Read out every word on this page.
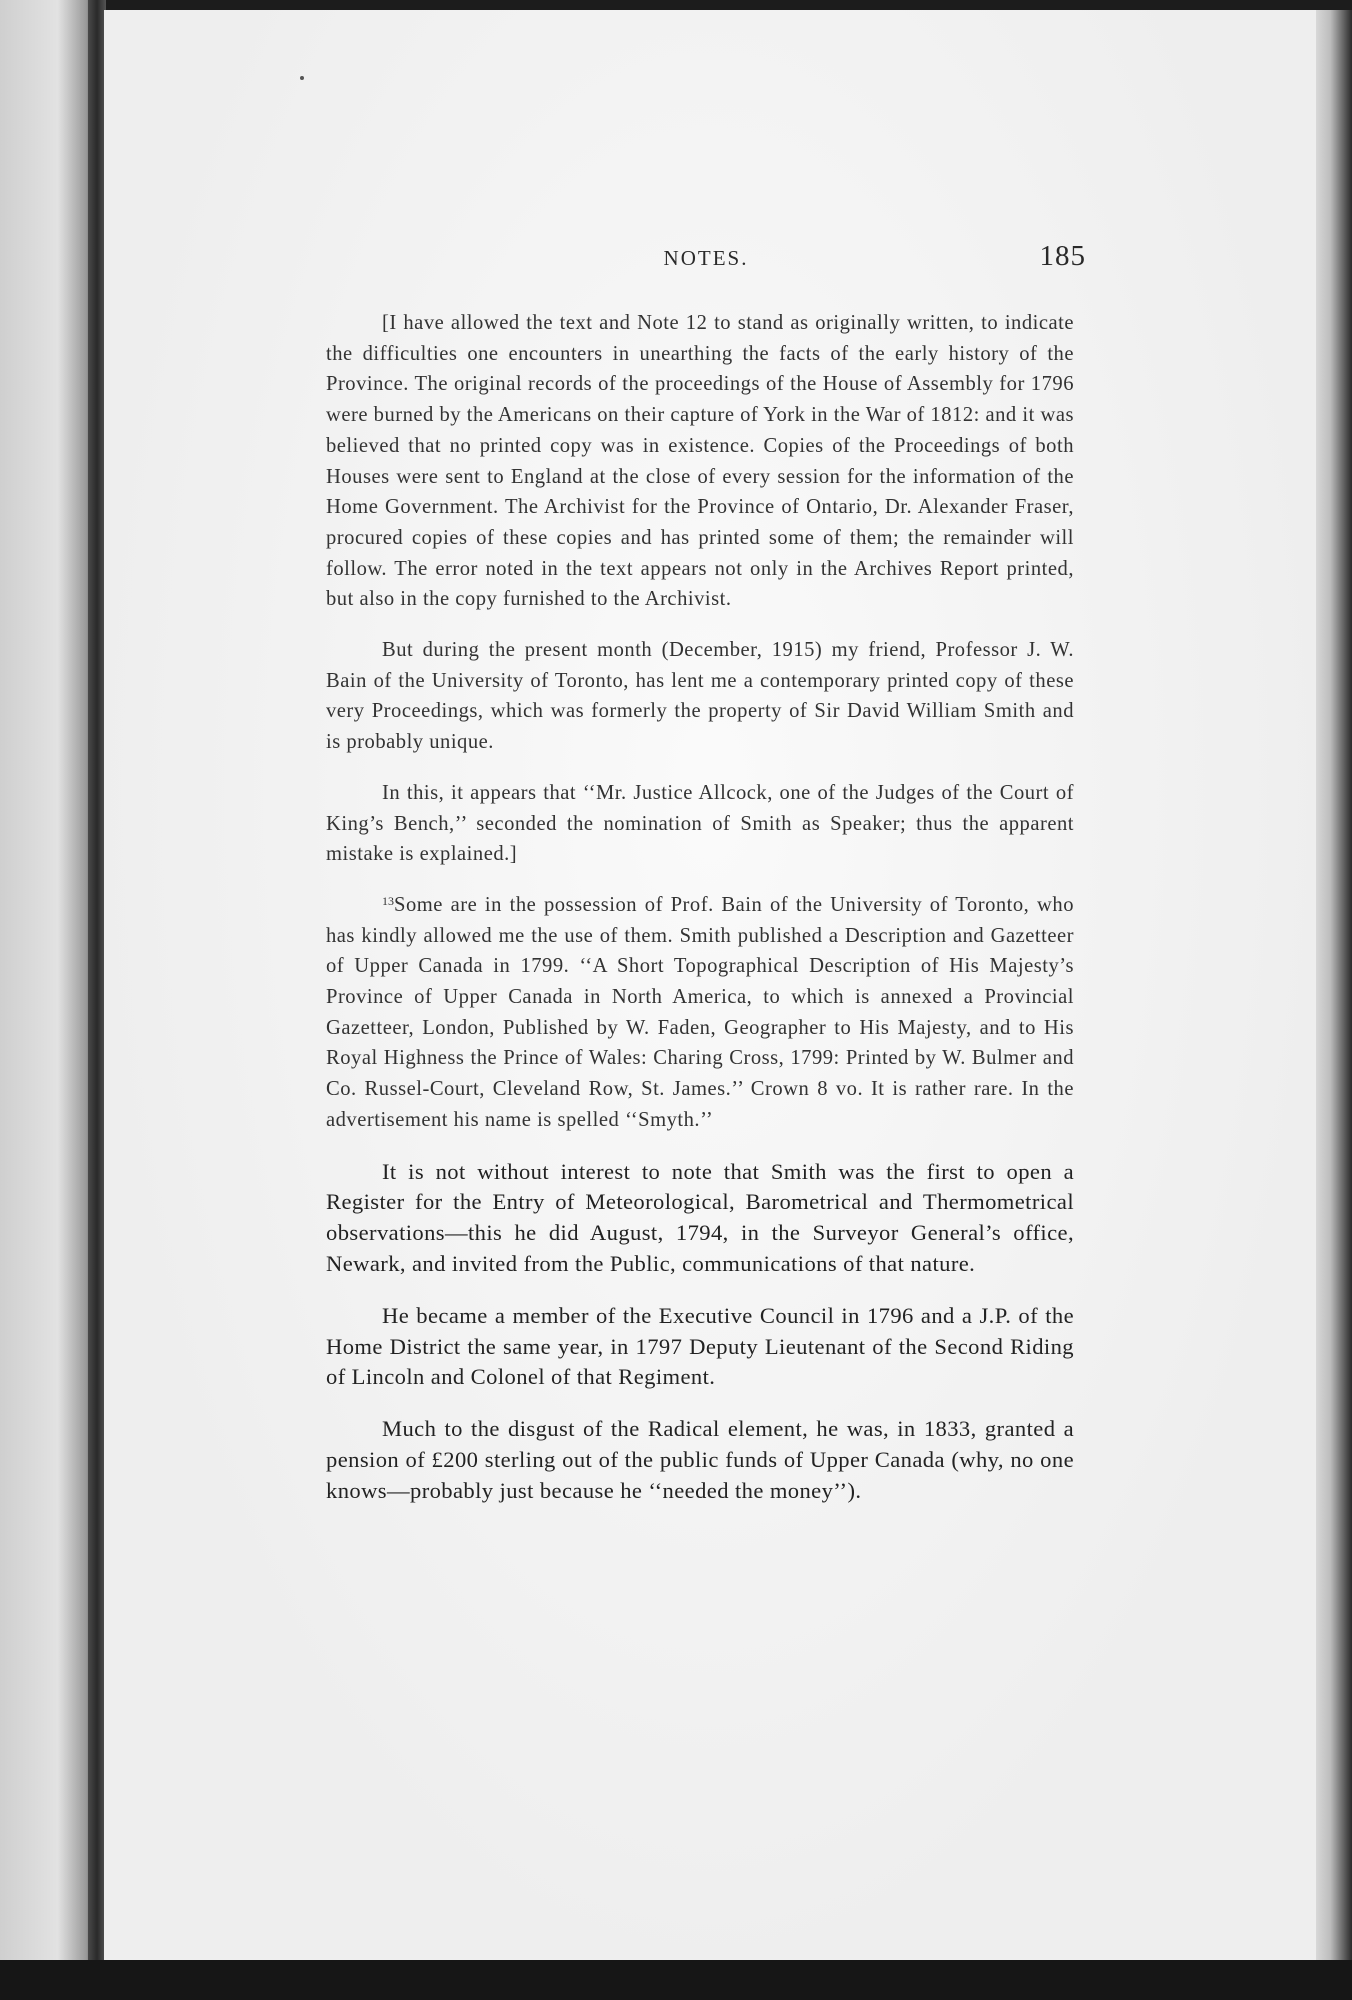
NOTES.	185

[I have allowed the text and Note 12 to stand as originally written, to indicate the difficulties one encounters in unearthing the facts of the early history of the Province. The original records of the proceedings of the House of Assembly for 1796 were burned by the Americans on their capture of York in the War of 1812: and it was believed that no printed copy was in existence. Copies of the Proceedings of both Houses were sent to England at the close of every session for the information of the Home Government. The Archivist for the Province of Ontario, Dr. Alexander Fraser, procured copies of these copies and has printed some of them; the remainder will follow. The error noted in the text appears not only in the Archives Report printed, but also in the copy furnished to the Archivist.

But during the present month (December, 1915) my friend, Professor J. W. Bain of the University of Toronto, has lent me a contemporary printed copy of these very Proceedings, which was formerly the property of Sir David William Smith and is probably unique.

In this, it appears that ‘‘Mr. Justice Allcock, one of the Judges of the Court of King’s Bench,’’ seconded the nomination of Smith as Speaker; thus the apparent mistake is explained.]

$^{13}$Some are in the possession of Prof. Bain of the University of Toronto, who has kindly allowed me the use of them. Smith published a Description and Gazetteer of Upper Canada in 1799. ‘‘A Short Topographical Description of His Majesty’s Province of Upper Canada in North America, to which is annexed a Provincial Gazetteer, London, Published by W. Faden, Geographer to His Majesty, and to His Royal Highness the Prince of Wales: Charing Cross, 1799: Printed by W. Bulmer and Co. Russel-Court, Cleveland Row, St. James.’’ Crown 8 vo. It is rather rare. In the advertisement his name is spelled ‘‘Smyth.’’

It is not without interest to note that Smith was the first to open a Register for the Entry of Meteorological, Barometrical and Thermometrical observations—this he did August, 1794, in the Surveyor General’s office, Newark, and invited from the Public, communications of that nature.

He became a member of the Executive Council in 1796 and a J.P. of the Home District the same year, in 1797 Deputy Lieutenant of the Second Riding of Lincoln and Colonel of that Regiment.

Much to the disgust of the Radical element, he was, in 1833, granted a pension of £200 sterling out of the public funds of Upper Canada (why, no one knows—probably just because he ‘‘needed the money’’).
